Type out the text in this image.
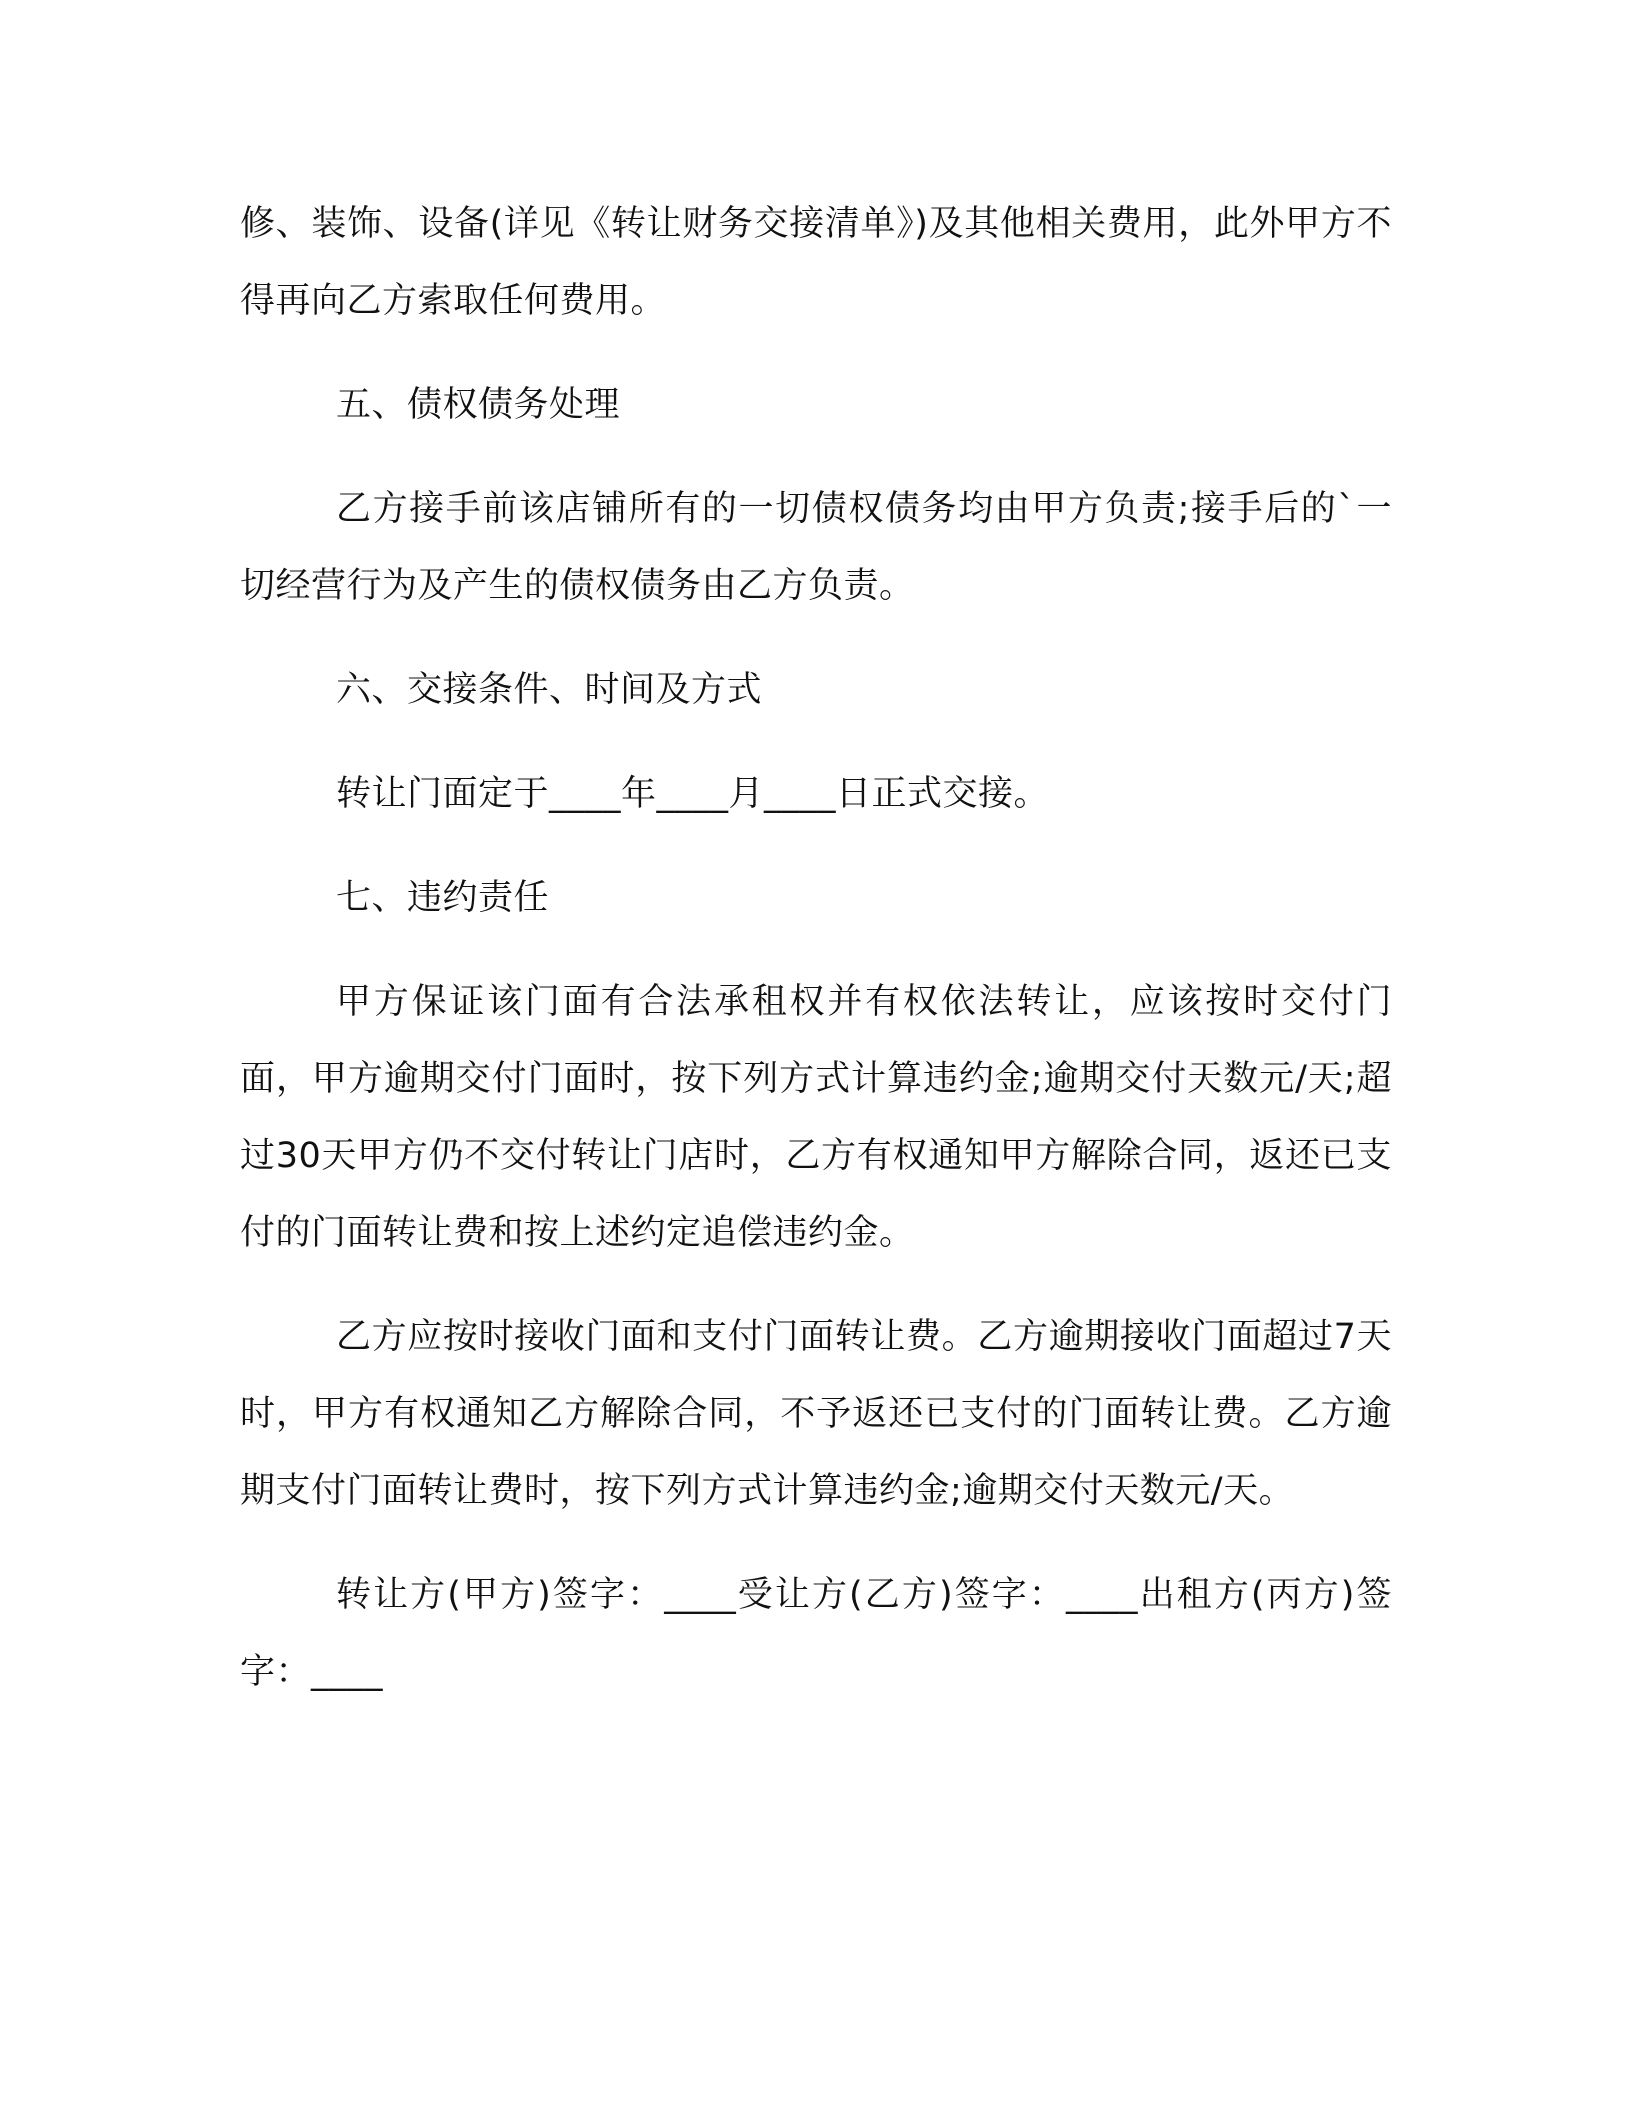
修、装饰、设备(详见《转让财务交接清单》)及其他相关费用，此外甲方不得再向乙方索取任何费用。

五、债权债务处理

乙方接手前该店铺所有的一切债权债务均由甲方负责;接手后的`一切经营行为及产生的债权债务由乙方负责。

六、交接条件、时间及方式

转让门面定于____年____月____日正式交接。

七、违约责任

甲方保证该门面有合法承租权并有权依法转让，应该按时交付门面，甲方逾期交付门面时，按下列方式计算违约金;逾期交付天数元/天;超过30天甲方仍不交付转让门店时，乙方有权通知甲方解除合同，返还已支付的门面转让费和按上述约定追偿违约金。

乙方应按时接收门面和支付门面转让费。乙方逾期接收门面超过7天时，甲方有权通知乙方解除合同，不予返还已支付的门面转让费。乙方逾期支付门面转让费时，按下列方式计算违约金;逾期交付天数元/天。

转让方(甲方)签字：____受让方(乙方)签字：____出租方(丙方)签字：____
